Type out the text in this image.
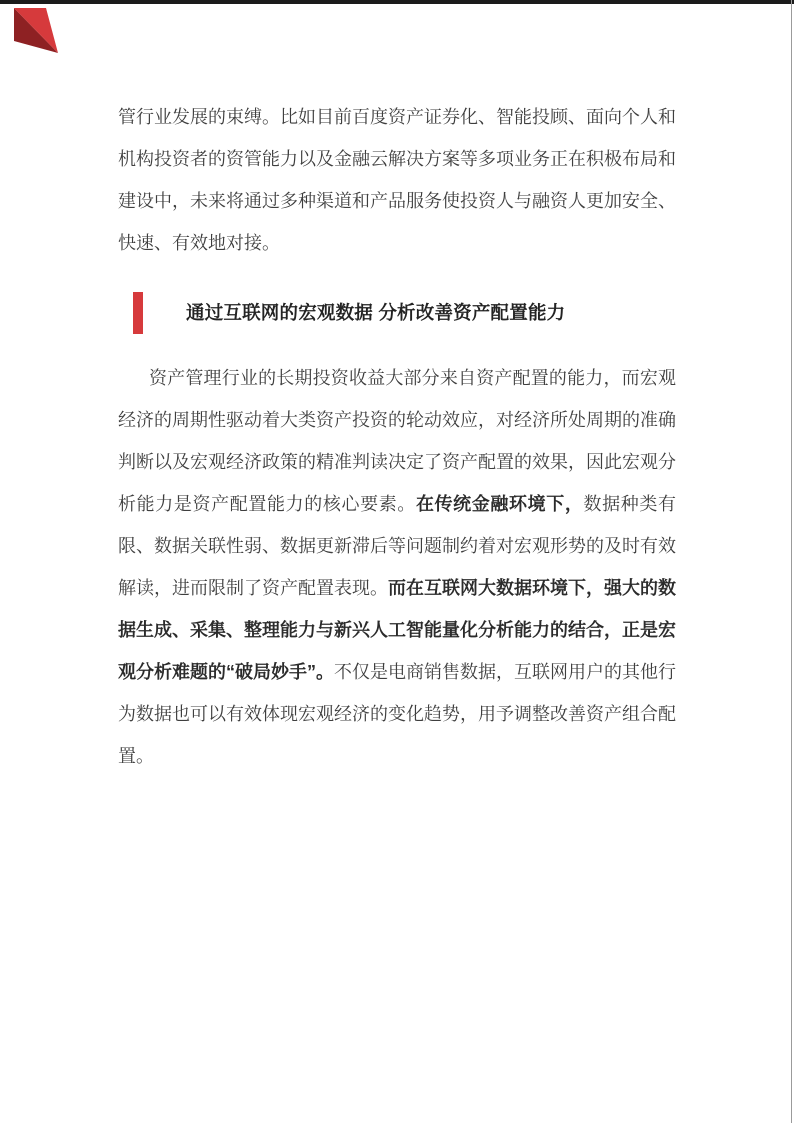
管行业发展的束缚。比如目前百度资产证券化、智能投顾、面向个人和机构投资者的资管能力以及金融云解决方案等多项业务正在积极布局和建设中，未来将通过多种渠道和产品服务使投资人与融资人更加安全、快速、有效地对接。

通过互联网的宏观数据 分析改善资产配置能力

资产管理行业的长期投资收益大部分来自资产配置的能力，而宏观经济的周期性驱动着大类资产投资的轮动效应，对经济所处周期的准确判断以及宏观经济政策的精准判读决定了资产配置的效果，因此宏观分析能力是资产配置能力的核心要素。在传统金融环境下，数据种类有限、数据关联性弱、数据更新滞后等问题制约着对宏观形势的及时有效解读，进而限制了资产配置表现。而在互联网大数据环境下，强大的数据生成、采集、整理能力与新兴人工智能量化分析能力的结合，正是宏观分析难题的“破局妙手”。不仅是电商销售数据，互联网用户的其他行为数据也可以有效体现宏观经济的变化趋势，用予调整改善资产组合配置。
